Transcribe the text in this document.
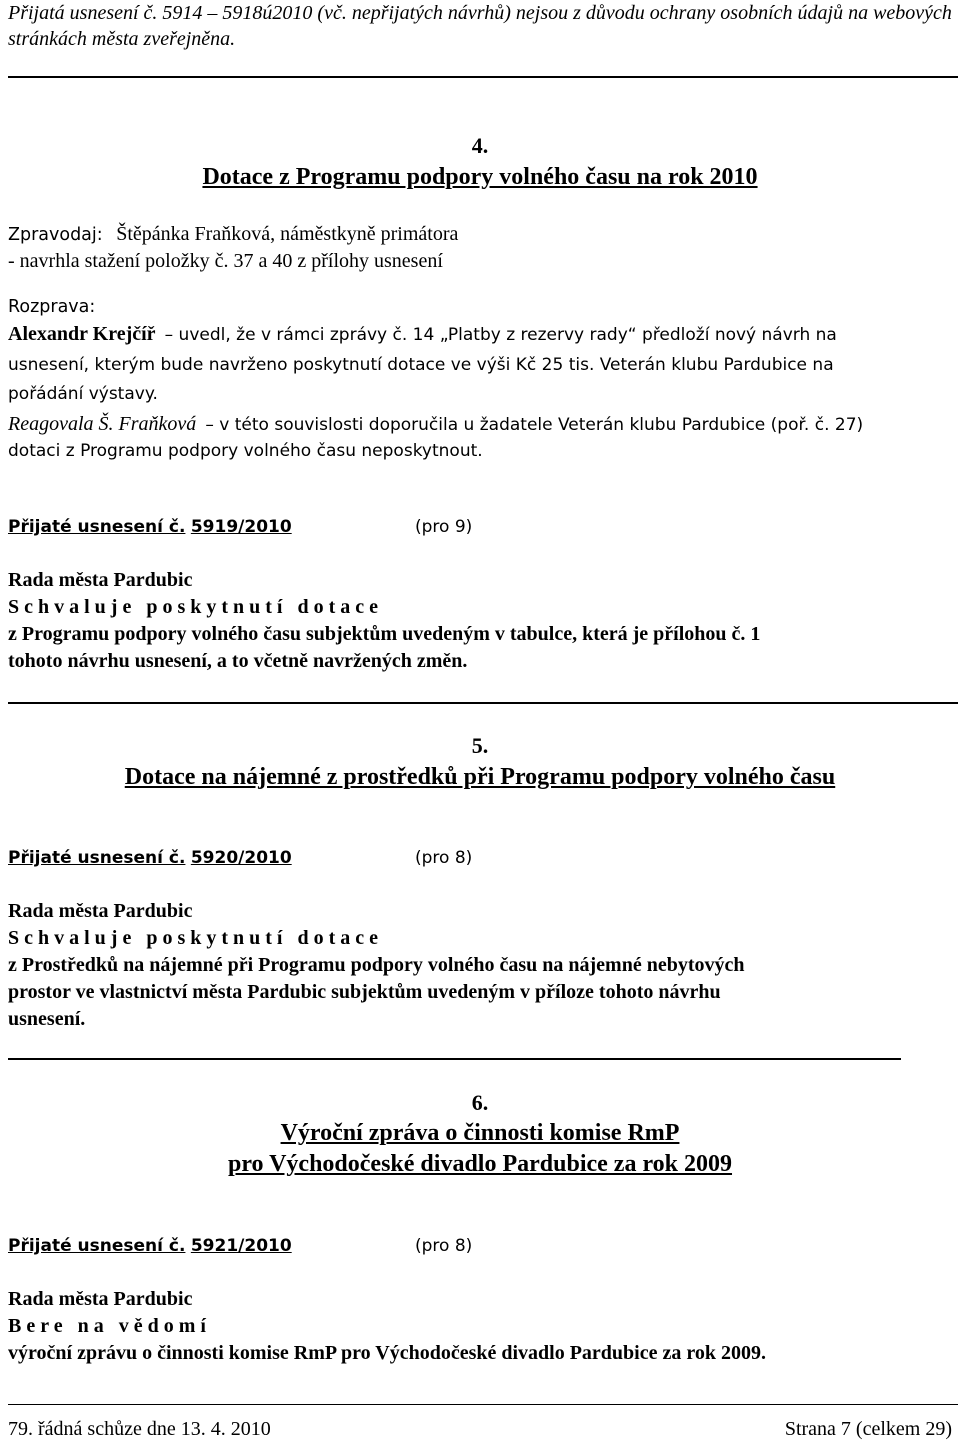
Přijatá usnesení č. 5914 – 5918ú2010 (vč. nepřijatých návrhů) nejsou z důvodu ochrany osobních údajů na webových
stránkách města zveřejněna.
4.
Dotace z Programu podpory volného času na rok 2010
Zpravodaj: Štěpánka Fraňková, náměstkyně primátora
- navrhla stažení položky č. 37 a 40 z přílohy usnesení
Rozprava:
Alexandr Krejčíř – uvedl, že v rámci zprávy č. 14 „Platby z rezervy rady“ předloží nový návrh na
usnesení, kterým bude navrženo poskytnutí dotace ve výši Kč 25 tis. Veterán klubu Pardubice na
pořádání výstavy.
Reagovala Š. Fraňková – v této souvislosti doporučila u žadatele Veterán klubu Pardubice (poř. č. 27)
dotaci z Programu podpory volného času neposkytnout.
Přijaté usnesení č. 5919/2010	(pro 9)
Rada města Pardubic
Schvaluje poskytnutí dotace
z Programu podpory volného času subjektům uvedeným v tabulce, která je přílohou č. 1
tohoto návrhu usnesení, a to včetně navržených změn.
5.
Dotace na nájemné z prostředků při Programu podpory volného času
Přijaté usnesení č. 5920/2010	(pro 8)
Rada města Pardubic
Schvaluje poskytnutí dotace
z Prostředků na nájemné při Programu podpory volného času na nájemné nebytových
prostor ve vlastnictví města Pardubic subjektům uvedeným v příloze tohoto návrhu
usnesení.
6.
Výroční zpráva o činnosti komise RmP
pro Východočeské divadlo Pardubice za rok 2009
Přijaté usnesení č. 5921/2010	(pro 8)
Rada města Pardubic
Bere na vědomí
výroční zprávu o činnosti komise RmP pro Východočeské divadlo Pardubice za rok 2009.
79. řádná schůze dne 13. 4. 2010	Strana 7 (celkem 29)
